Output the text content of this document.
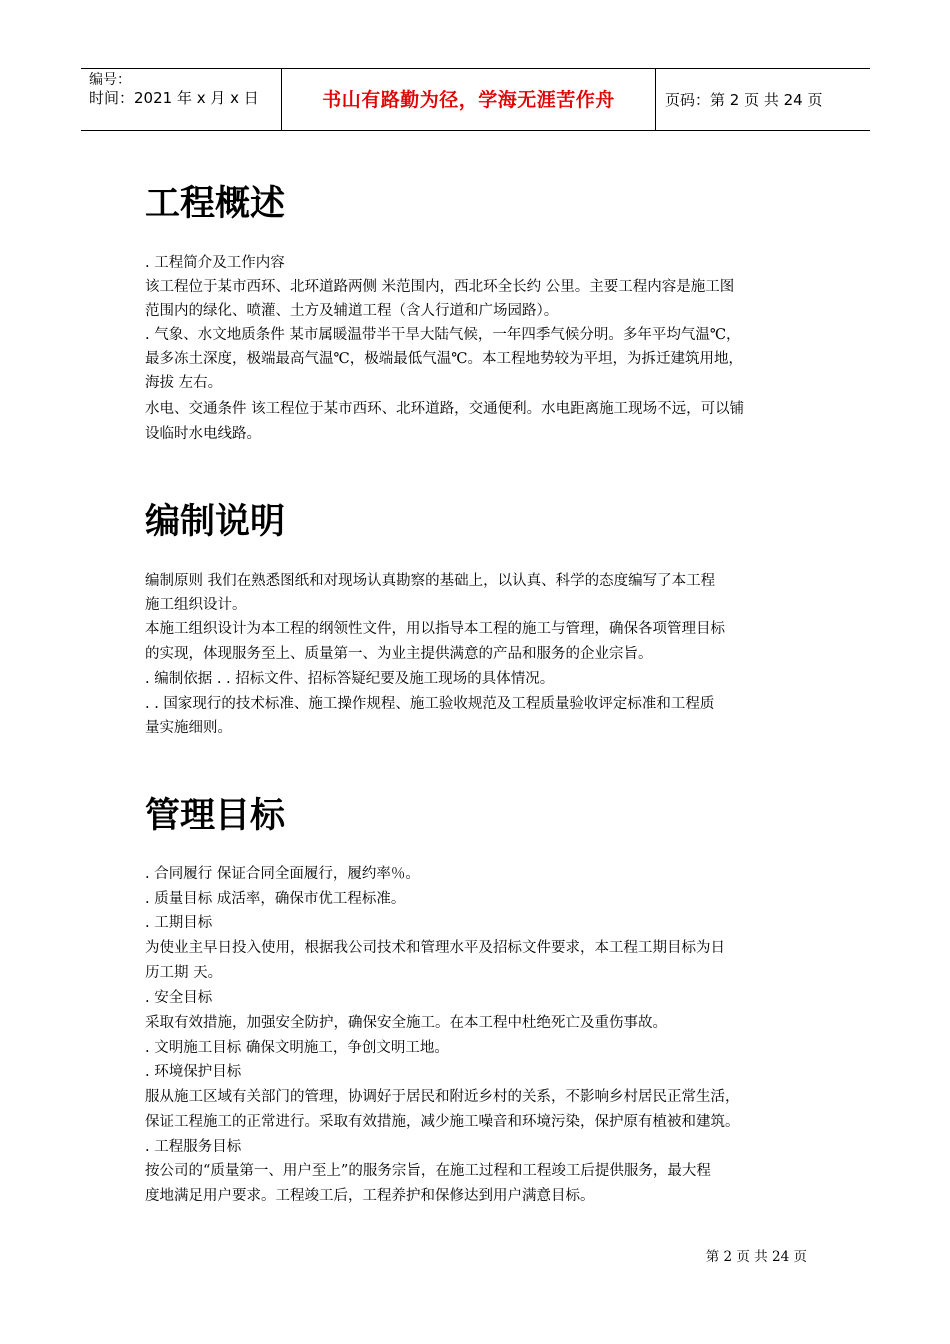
编号：
时间：2021 年 x 月 x 日	书山有路勤为径，学海无涯苦作舟	页码：第 2 页 共 24 页
工程概述
. 工程简介及工作内容
该工程位于某市西环、北环道路两侧 米范围内，西北环全长约 公里。主要工程内容是施工图
范围内的绿化、喷灌、土方及辅道工程（含人行道和广场园路）。
. 气象、水文地质条件 某市属暖温带半干旱大陆气候，一年四季气候分明。多年平均气温℃，
最多冻土深度，极端最高气温℃，极端最低气温℃。本工程地势较为平坦，为拆迁建筑用地，
海拔 左右。
水电、交通条件 该工程位于某市西环、北环道路，交通便利。水电距离施工现场不远，可以铺
设临时水电线路。
编制说明
编制原则 我们在熟悉图纸和对现场认真勘察的基础上，以认真、科学的态度编写了本工程
施工组织设计。
本施工组织设计为本工程的纲领性文件，用以指导本工程的施工与管理，确保各项管理目标
的实现，体现服务至上、质量第一、为业主提供满意的产品和服务的企业宗旨。
. 编制依据 . . 招标文件、招标答疑纪要及施工现场的具体情况。
. . 国家现行的技术标准、施工操作规程、施工验收规范及工程质量验收评定标准和工程质
量实施细则。
管理目标
. 合同履行 保证合同全面履行，履约率％。
. 质量目标 成活率，确保市优工程标准。
. 工期目标
为使业主早日投入使用，根据我公司技术和管理水平及招标文件要求，本工程工期目标为日
历工期 天。
. 安全目标
采取有效措施，加强安全防护，确保安全施工。在本工程中杜绝死亡及重伤事故。
. 文明施工目标 确保文明施工，争创文明工地。
. 环境保护目标
服从施工区域有关部门的管理，协调好于居民和附近乡村的关系，不影响乡村居民正常生活，
保证工程施工的正常进行。采取有效措施，减少施工噪音和环境污染，保护原有植被和建筑。
. 工程服务目标
按公司的“质量第一、用户至上”的服务宗旨，在施工过程和工程竣工后提供服务，最大程
度地满足用户要求。工程竣工后，工程养护和保修达到用户满意目标。
第 2 页 共 24 页
